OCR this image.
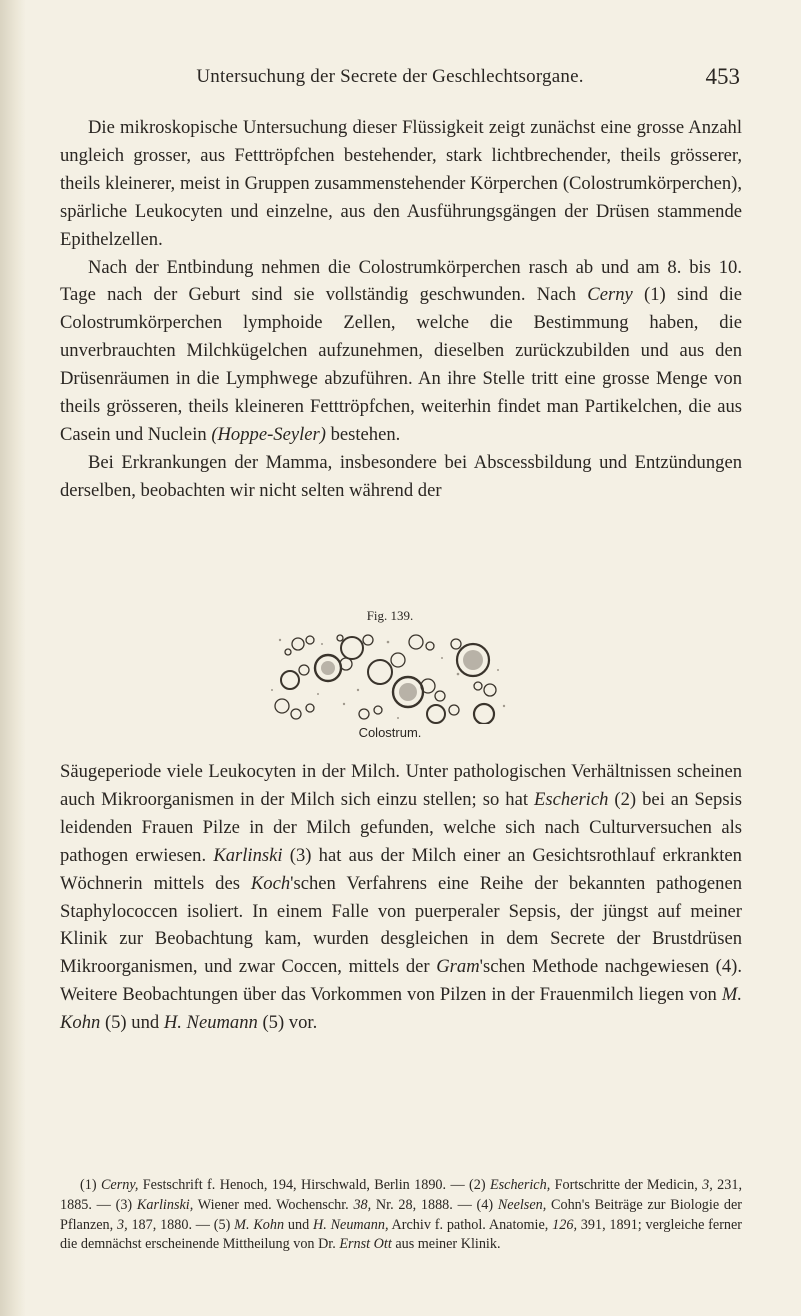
Untersuchung der Secrete der Geschlechtsorgane.	453

Die mikroskopische Untersuchung dieser Flüssigkeit zeigt zunächst eine grosse Anzahl ungleich grosser, aus Fetttröpfchen bestehender, stark lichtbrechender, theils grösserer, theils kleinerer, meist in Gruppen zusammenstehender Körperchen (Colostrumkörperchen), spärliche Leukocyten und einzelne, aus den Ausführungsgängen der Drüsen stammende Epithelzellen.

Nach der Entbindung nehmen die Colostrumkörperchen rasch ab und am 8. bis 10. Tage nach der Geburt sind sie vollständig geschwunden. Nach Cerny (1) sind die Colostrumkörperchen lymphoide Zellen, welche die Bestimmung haben, die unverbrauchten Milchkügelchen aufzunehmen, dieselben zurückzubilden und aus den Drüsenräumen in die Lymphwege abzuführen. An ihre Stelle tritt eine grosse Menge von theils grösseren, theils kleineren Fetttröpfchen, weiterhin findet man Partikelchen, die aus Casein und Nuclein (Hoppe-Seyler) bestehen.

Bei Erkrankungen der Mamma, insbesondere bei Abscessbildung und Entzündungen derselben, beobachten wir nicht selten während der

Fig. 139.
Colostrum.

Säugeperiode viele Leukocyten in der Milch. Unter pathologischen Verhältnissen scheinen auch Mikroorganismen in der Milch sich einzu stellen; so hat Escherich (2) bei an Sepsis leidenden Frauen Pilze in der Milch gefunden, welche sich nach Culturversuchen als pathogen erwiesen. Karlinski (3) hat aus der Milch einer an Gesichtsrothlauf erkrankten Wöchnerin mittels des Koch'schen Verfahrens eine Reihe der bekannten pathogenen Staphylococcen isoliert. In einem Falle von puerperaler Sepsis, der jüngst auf meiner Klinik zur Beobachtung kam, wurden desgleichen in dem Secrete der Brustdrüsen Mikroorganismen, und zwar Coccen, mittels der Gram'schen Methode nachgewiesen (4). Weitere Beobachtungen über das Vorkommen von Pilzen in der Frauenmilch liegen von M. Kohn (5) und H. Neumann (5) vor.

(1) Cerny, Festschrift f. Henoch, 194, Hirschwald, Berlin 1890. — (2) Escherich, Fortschritte der Medicin, 3, 231, 1885. — (3) Karlinski, Wiener med. Wochenschr. 38, Nr. 28, 1888. — (4) Neelsen, Cohn's Beiträge zur Biologie der Pflanzen, 3, 187, 1880. — (5) M. Kohn und H. Neumann, Archiv f. pathol. Anatomie, 126, 391, 1891; vergleiche ferner die demnächst erscheinende Mittheilung von Dr. Ernst Ott aus meiner Klinik.
